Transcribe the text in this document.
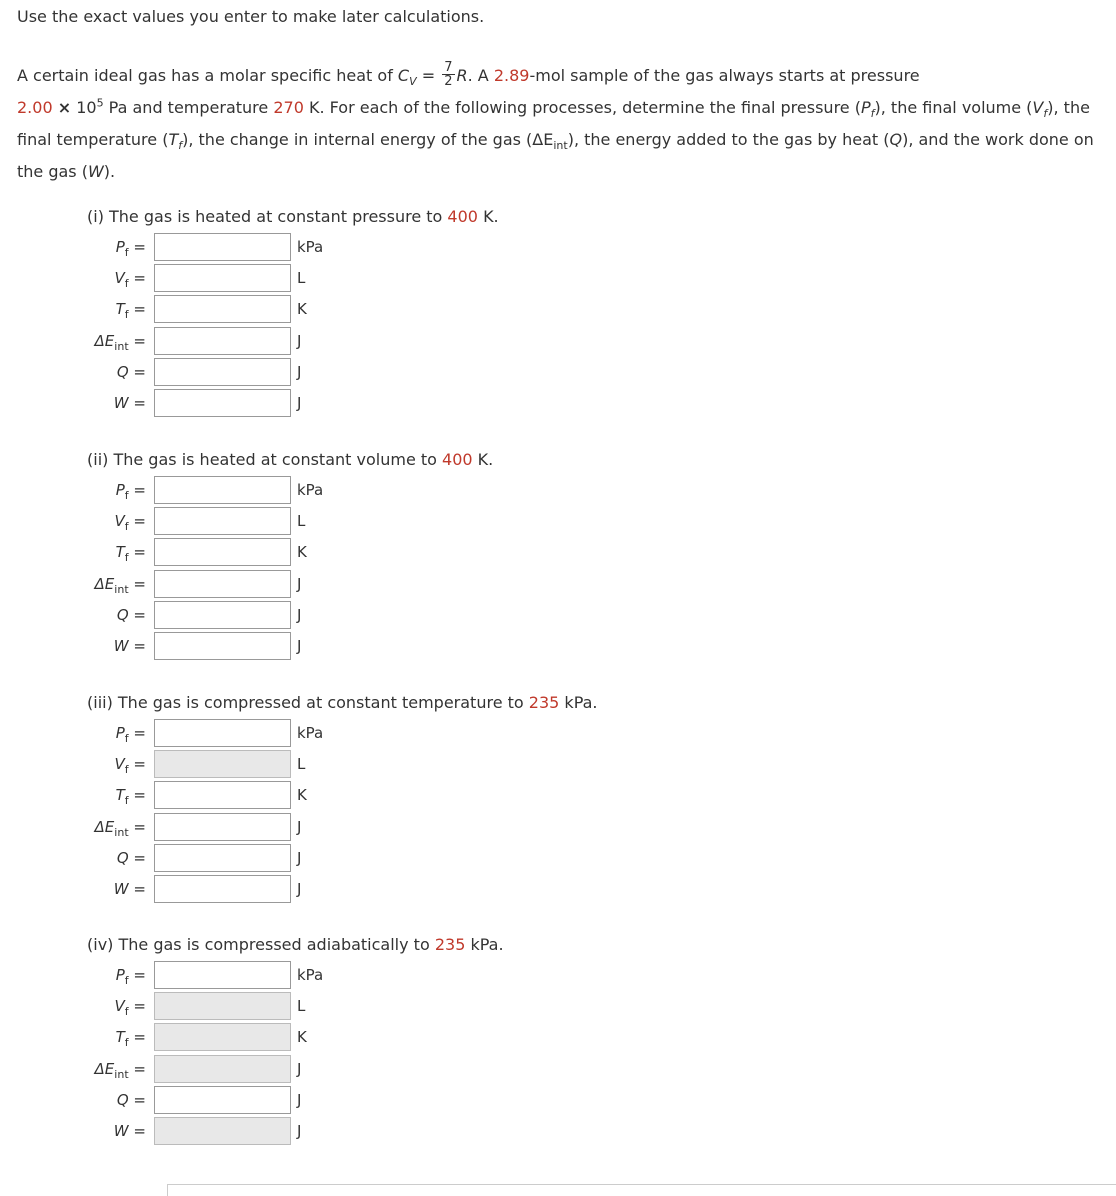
Use the exact values you enter to make later calculations.
A certain ideal gas has a molar specific heat of $C_V = \frac{7}{2} R$. A 2.89-mol sample of the gas always starts at pressure
$2.00 \times 10^5$ Pa and temperature 270 K. For each of the following processes, determine the final pressure $(P_f)$, the final volume $(V_f)$, the final temperature $(T_f)$, the change in internal energy of the gas $(\Delta E_{int})$, the energy added to the gas by heat (Q), and the work done on the gas (W).
(i) The gas is heated at constant pressure to 400 K.
$P_f$ =	kPa
$V_f$ =	L
$T_f$ =	K
$\Delta E_{int}$ =	J
Q =	J
W =	J
(ii) The gas is heated at constant volume to 400 K.
$P_f$ =	kPa
$V_f$ =	L
$T_f$ =	K
$\Delta E_{int}$ =	J
Q =	J
W =	J
(iii) The gas is compressed at constant temperature to 235 kPa.
$P_f$ =	kPa
$V_f$ =	L
$T_f$ =	K
$\Delta E_{int}$ =	J
Q =	J
W =	J
(iv) The gas is compressed adiabatically to 235 kPa.
$P_f$ =	kPa
$V_f$ =	L
$T_f$ =	K
$\Delta E_{int}$ =	J
Q =	J
W =	J
